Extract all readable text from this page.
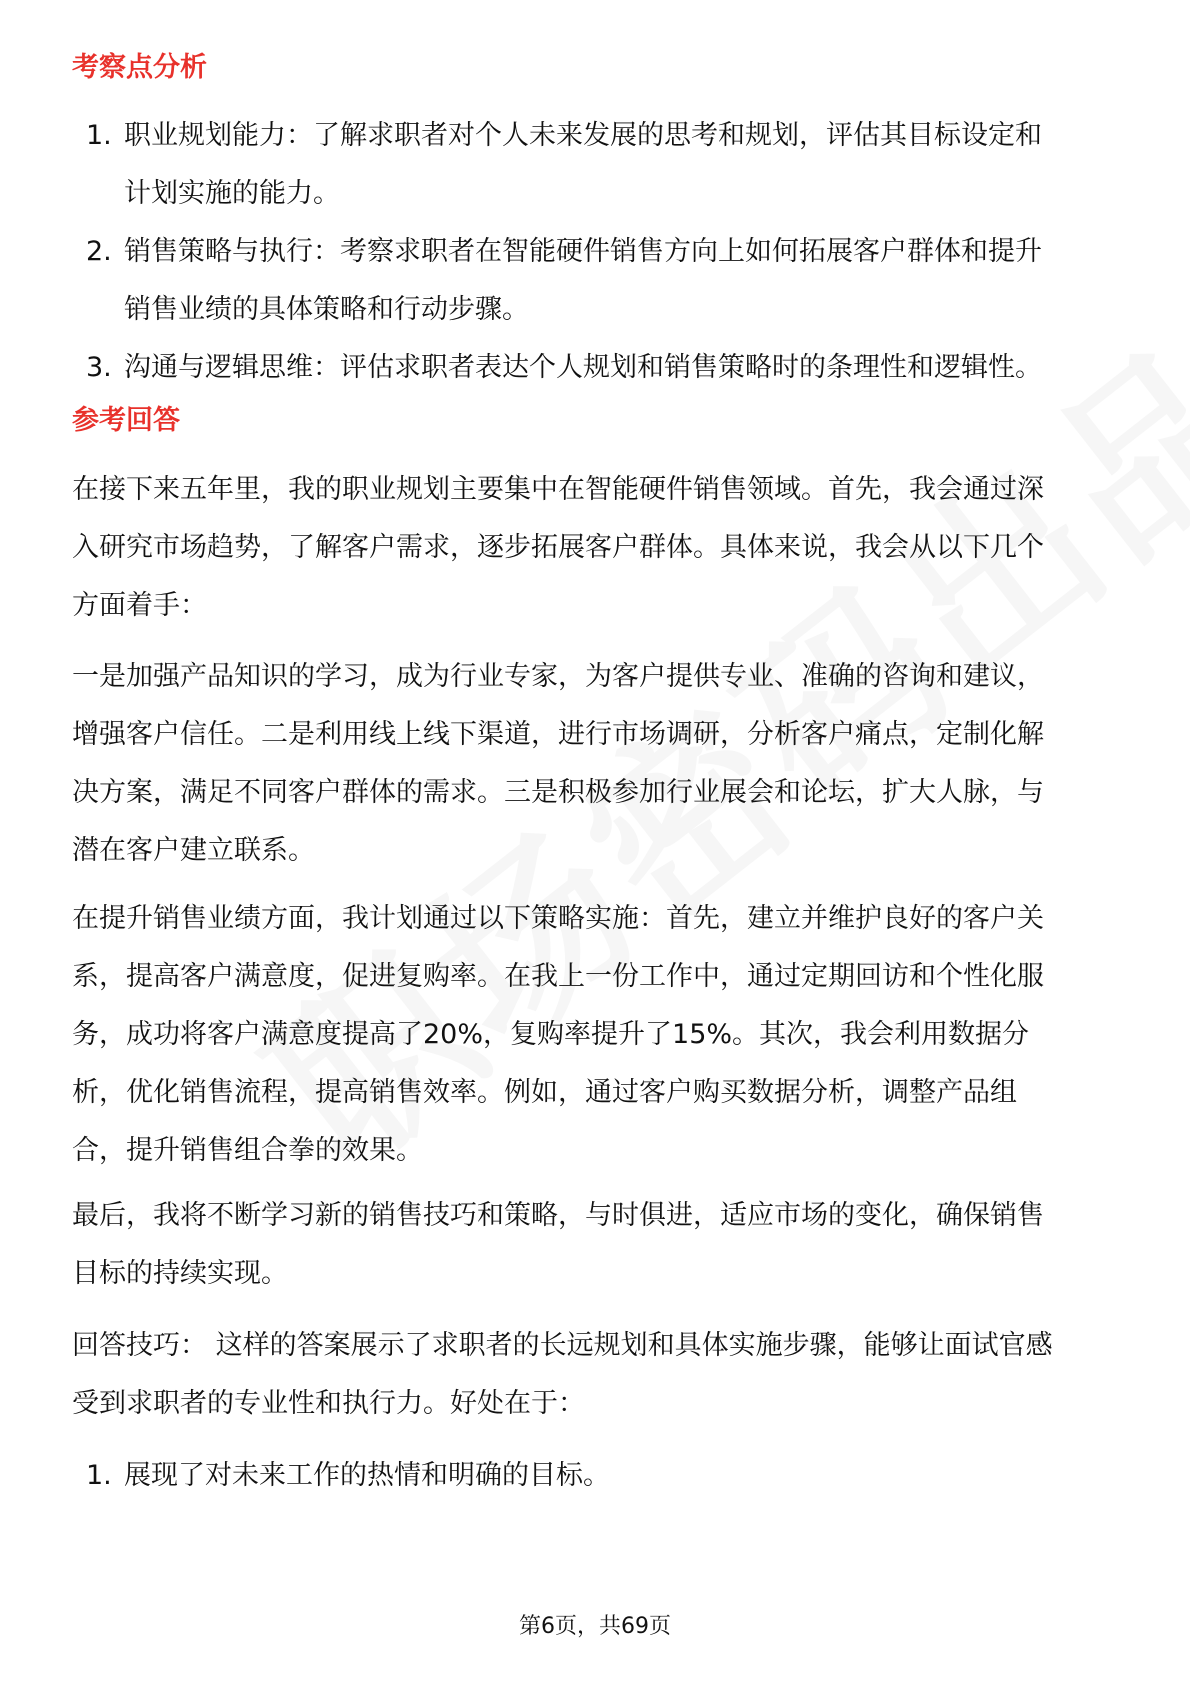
考察点分析
1. 职业规划能力：了解求职者对个人未来发展的思考和规划，评估其目标设定和
计划实施的能力。
2. 销售策略与执行：考察求职者在智能硬件销售方向上如何拓展客户群体和提升
销售业绩的具体策略和行动步骤。
3. 沟通与逻辑思维：评估求职者表达个人规划和销售策略时的条理性和逻辑性。
参考回答
在接下来五年里，我的职业规划主要集中在智能硬件销售领域。首先，我会通过深
入研究市场趋势，了解客户需求，逐步拓展客户群体。具体来说，我会从以下几个
方面着手：
一是加强产品知识的学习，成为行业专家，为客户提供专业、准确的咨询和建议，
增强客户信任。二是利用线上线下渠道，进行市场调研，分析客户痛点，定制化解
决方案，满足不同客户群体的需求。三是积极参加行业展会和论坛，扩大人脉，与
潜在客户建立联系。
在提升销售业绩方面，我计划通过以下策略实施：首先，建立并维护良好的客户关
系，提高客户满意度，促进复购率。在我上一份工作中，通过定期回访和个性化服
务，成功将客户满意度提高了20%，复购率提升了15%。其次，我会利用数据分
析，优化销售流程，提高销售效率。例如，通过客户购买数据分析，调整产品组
合，提升销售组合拳的效果。
最后，我将不断学习新的销售技巧和策略，与时俱进，适应市场的变化，确保销售
目标的持续实现。
回答技巧： 这样的答案展示了求职者的长远规划和具体实施步骤，能够让面试官感
受到求职者的专业性和执行力。好处在于：
1. 展现了对未来工作的热情和明确的目标。
第6页，共69页
